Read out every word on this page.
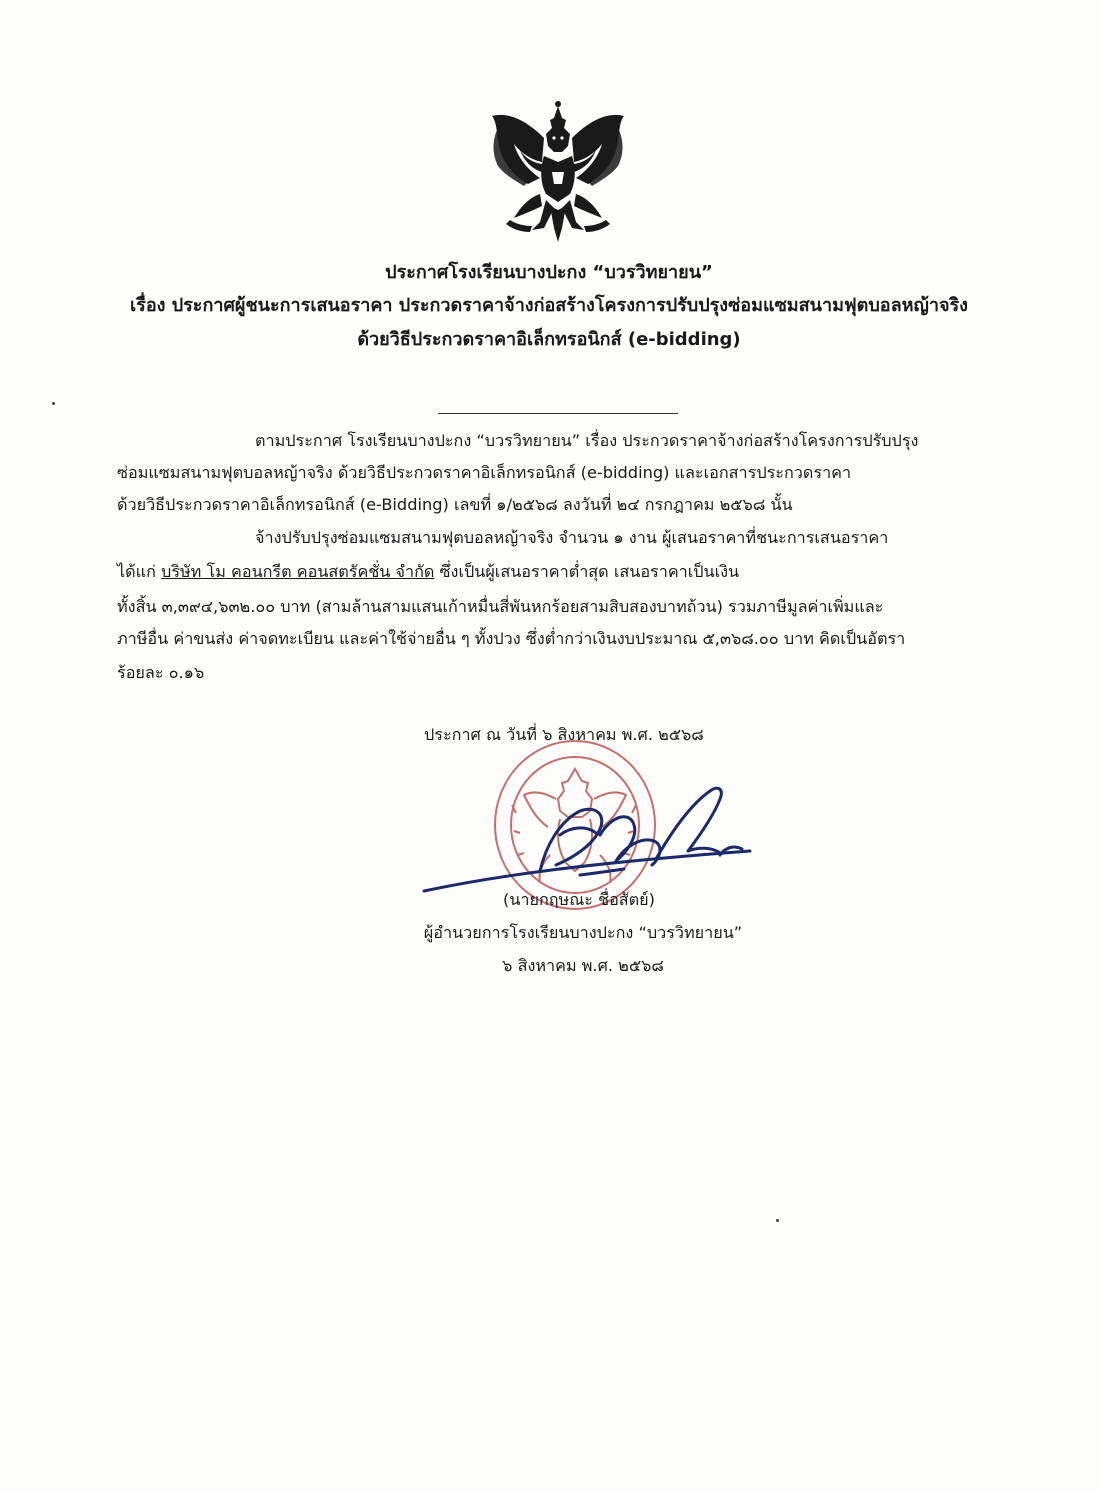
ประกาศโรงเรียนบางปะกง “บวรวิทยายน”
เรื่อง ประกาศผู้ชนะการเสนอราคา ประกวดราคาจ้างก่อสร้างโครงการปรับปรุงซ่อมแซมสนามฟุตบอลหญ้าจริง
ด้วยวิธีประกวดราคาอิเล็กทรอนิกส์ (e-bidding)
ตามประกาศ โรงเรียนบางปะกง “บวรวิทยายน” เรื่อง ประกวดราคาจ้างก่อสร้างโครงการปรับปรุง
ซ่อมแซมสนามฟุตบอลหญ้าจริง ด้วยวิธีประกวดราคาอิเล็กทรอนิกส์ (e-bidding) และเอกสารประกวดราคา
ด้วยวิธีประกวดราคาอิเล็กทรอนิกส์ (e-Bidding) เลขที่ ๑/๒๕๖๘ ลงวันที่ ๒๔ กรกฎาคม ๒๕๖๘ นั้น
จ้างปรับปรุงซ่อมแซมสนามฟุตบอลหญ้าจริง จำนวน ๑ งาน ผู้เสนอราคาที่ชนะการเสนอราคา
ได้แก่ บริษัท โม คอนกรีต คอนสตรัคชั่น จำกัด ซึ่งเป็นผู้เสนอราคาต่ำสุด เสนอราคาเป็นเงิน
ทั้งสิ้น ๓,๓๙๔,๖๓๒.๐๐ บาท (สามล้านสามแสนเก้าหมื่นสี่พันหกร้อยสามสิบสองบาทถ้วน) รวมภาษีมูลค่าเพิ่มและ
ภาษีอื่น ค่าขนส่ง ค่าจดทะเบียน และค่าใช้จ่ายอื่น ๆ ทั้งปวง ซึ่งต่ำกว่าเงินงบประมาณ ๕,๓๖๘.๐๐ บาท คิดเป็นอัตรา
ร้อยละ ๐.๑๖
ประกาศ ณ วันที่ ๖ สิงหาคม พ.ศ. ๒๕๖๘
(นายกฤษณะ ชื่อสัตย์)
ผู้อำนวยการโรงเรียนบางปะกง “บวรวิทยายน”
๖ สิงหาคม พ.ศ. ๒๕๖๘
